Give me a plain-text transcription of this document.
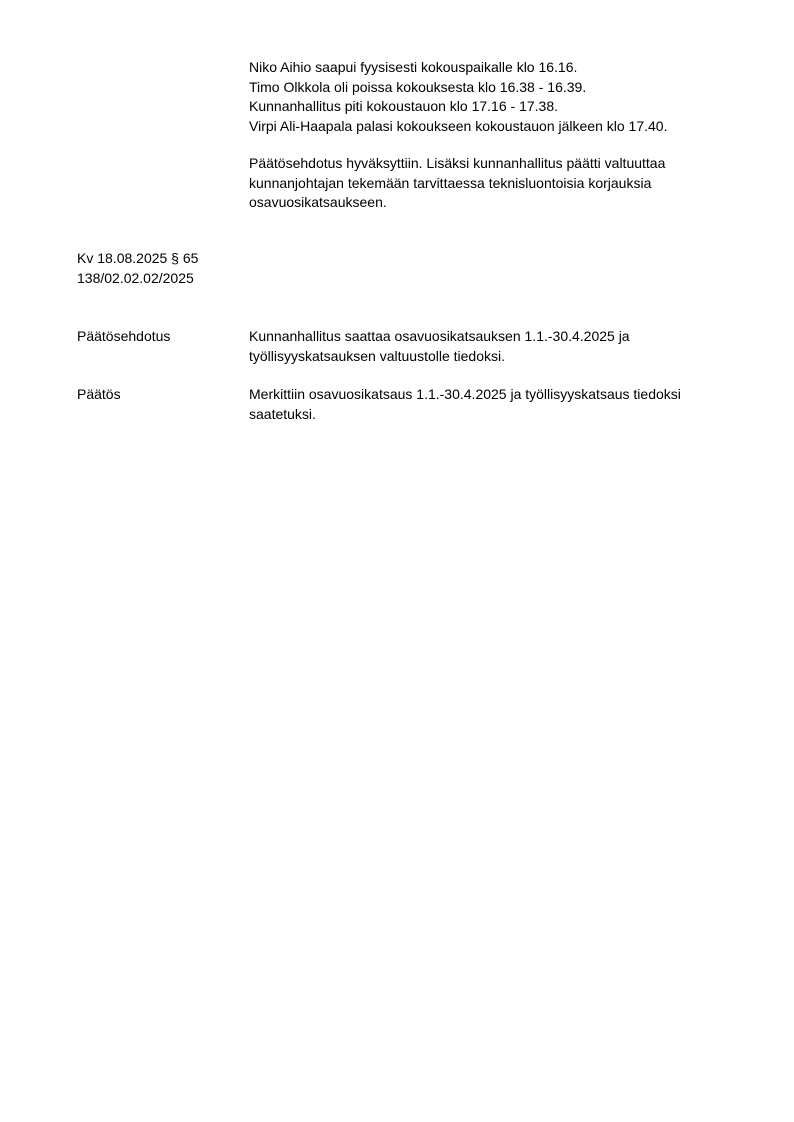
Niko Aihio saapui fyysisesti kokouspaikalle klo 16.16.
Timo Olkkola oli poissa kokouksesta klo 16.38 - 16.39.
Kunnanhallitus piti kokoustauon klo 17.16 - 17.38.
Virpi Ali-Haapala palasi kokoukseen kokoustauon jälkeen klo 17.40.
Päätösehdotus hyväksyttiin. Lisäksi kunnanhallitus päätti valtuuttaa kunnanjohtajan tekemään tarvittaessa teknisluontoisia korjauksia osavuosikatsaukseen.
Kv 18.08.2025 § 65
138/02.02.02/2025
Päätösehdotus	Kunnanhallitus saattaa osavuosikatsauksen 1.1.-30.4.2025 ja työllisyyskatsauksen valtuustolle tiedoksi.
Päätös	Merkittiin osavuosikatsaus 1.1.-30.4.2025 ja työllisyyskatsaus tiedoksi saatetuksi.
